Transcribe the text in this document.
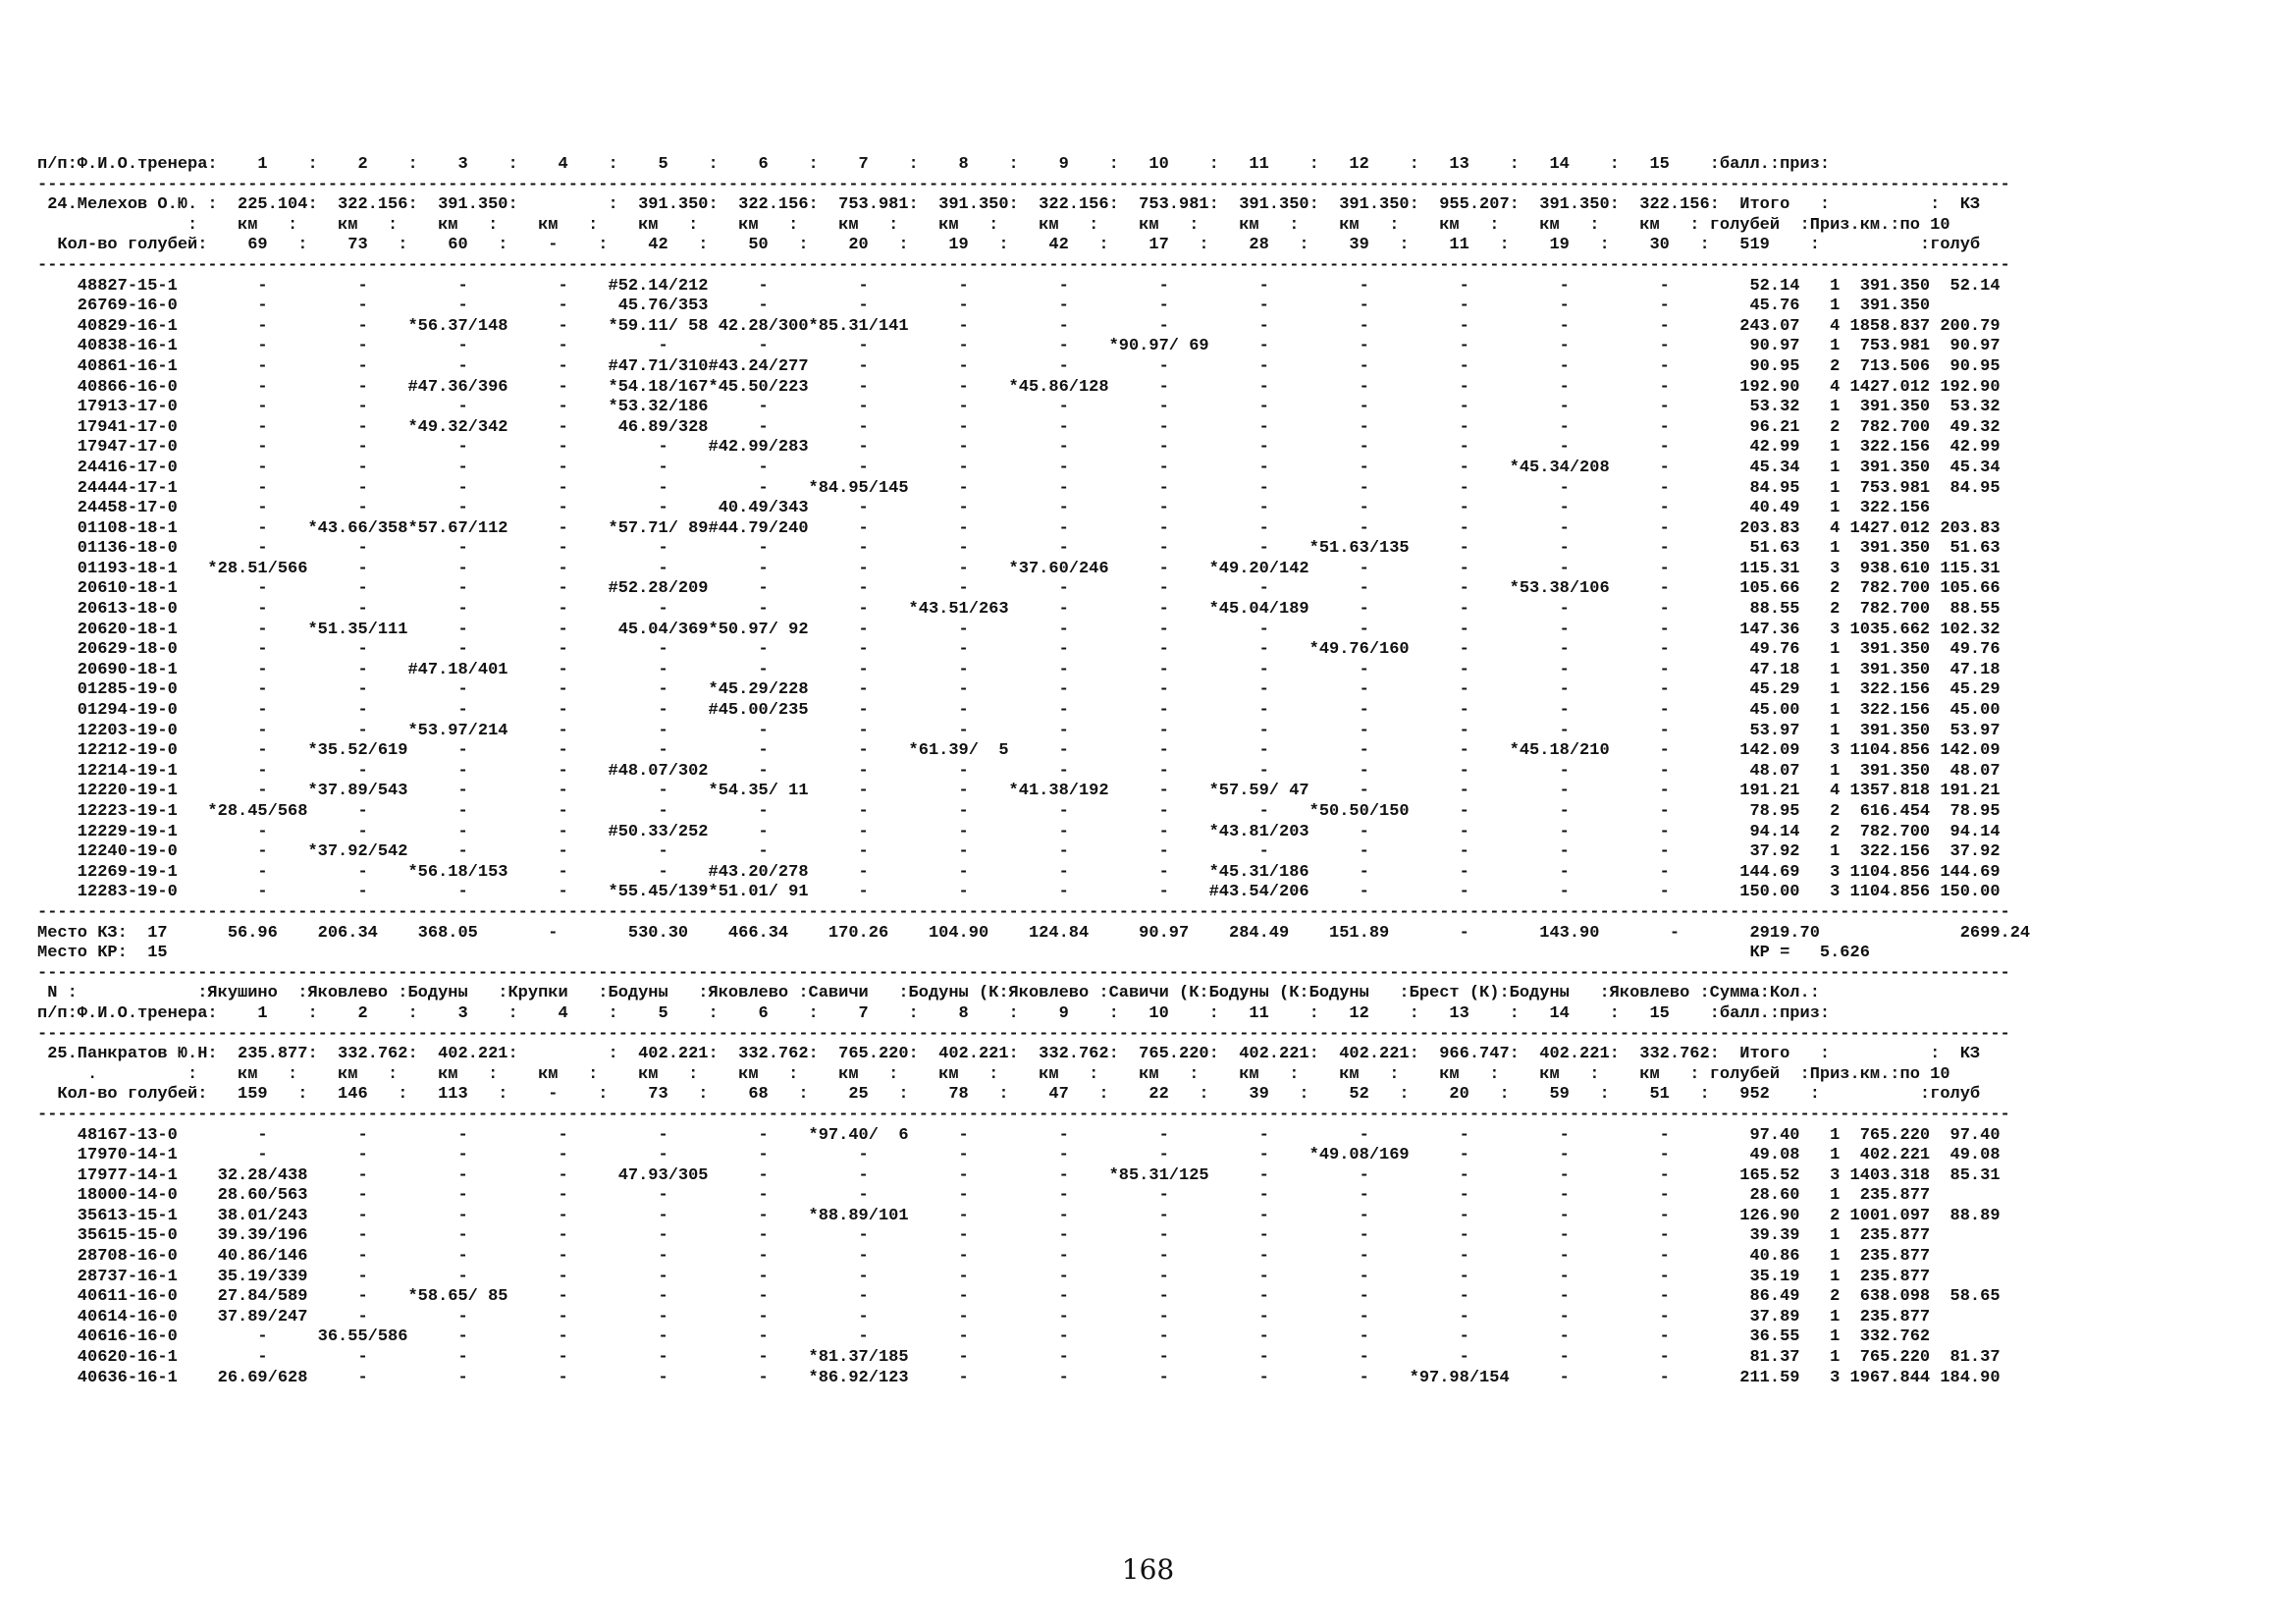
п/п:Ф.И.О.тренера:    1    :    2    :    3    :    4    :    5    :    6    :    7    :    8    :    9    :   10    :   11    :   12    :   13    :   14    :   15    :балл.:приз:
-----------------------------------------------------------------------------------------------------------------------------------------------------------------------------------------------------
24.Мелехов О.Ю. :  225.104:  322.156:  391.350:         :  391.350:  322.156:  753.981:  391.350:  322.156:  753.981:  391.350:  391.350:  955.207:  391.350:  322.156:  Итого   :          :  КЗ
:    км   :    км   :    км   :    км   :    км   :    км   :    км   :    км   :    км   :    км   :    км   :    км   :    км   :    км   :    км   : голубей  :Приз.км.:по 10
Кол-во голубей:    69   :    73   :    60   :    -    :    42   :    50   :    20   :    19   :    42   :    17   :    28   :    39   :    11   :    19   :    30   :   519    :          :голуб
-----------------------------------------------------------------------------------------------------------------------------------------------------------------------------------------------------
48827-15-1        -         -         -         -    #52.14/212     -         -         -         -         -         -         -         -         -         -        52.14   1  391.350  52.14
26769-16-0        -         -         -         -     45.76/353     -         -         -         -         -         -         -         -         -         -        45.76   1  391.350
40829-16-1        -         -    *56.37/148     -    *59.11/ 58 42.28/300*85.31/141     -         -         -         -         -         -         -         -       243.07   4 1858.837 200.79
40838-16-1        -         -         -         -         -         -         -         -         -    *90.97/ 69     -         -         -         -         -        90.97   1  753.981  90.97
40861-16-1        -         -         -         -    #47.71/310#43.24/277     -         -         -         -         -         -         -         -         -        90.95   2  713.506  90.95
40866-16-0        -         -    #47.36/396     -    *54.18/167*45.50/223     -         -    *45.86/128     -         -         -         -         -         -       192.90   4 1427.012 192.90
17913-17-0        -         -         -         -    *53.32/186     -         -         -         -         -         -         -         -         -         -        53.32   1  391.350  53.32
17941-17-0        -         -    *49.32/342     -     46.89/328     -         -         -         -         -         -         -         -         -         -        96.21   2  782.700  49.32
17947-17-0        -         -         -         -         -    #42.99/283     -         -         -         -         -         -         -         -         -        42.99   1  322.156  42.99
24416-17-0        -         -         -         -         -         -         -         -         -         -         -         -         -    *45.34/208     -        45.34   1  391.350  45.34
24444-17-1        -         -         -         -         -         -    *84.95/145     -         -         -         -         -         -         -         -        84.95   1  753.981  84.95
24458-17-0        -         -         -         -         -     40.49/343     -         -         -         -         -         -         -         -         -        40.49   1  322.156
01108-18-1        -    *43.66/358*57.67/112     -    *57.71/ 89#44.79/240     -         -         -         -         -         -         -         -         -       203.83   4 1427.012 203.83
01136-18-0        -         -         -         -         -         -         -         -         -         -         -    *51.63/135     -         -         -        51.63   1  391.350  51.63
01193-18-1   *28.51/566     -         -         -         -         -         -         -    *37.60/246     -    *49.20/142     -         -         -         -       115.31   3  938.610 115.31
20610-18-1        -         -         -         -    #52.28/209     -         -         -         -         -         -         -         -    *53.38/106     -       105.66   2  782.700 105.66
20613-18-0        -         -         -         -         -         -         -    *43.51/263     -         -    *45.04/189     -         -         -         -        88.55   2  782.700  88.55
20620-18-1        -    *51.35/111     -         -     45.04/369*50.97/ 92     -         -         -         -         -         -         -         -         -       147.36   3 1035.662 102.32
20629-18-0        -         -         -         -         -         -         -         -         -         -         -    *49.76/160     -         -         -        49.76   1  391.350  49.76
20690-18-1        -         -    #47.18/401     -         -         -         -         -         -         -         -         -         -         -         -        47.18   1  391.350  47.18
01285-19-0        -         -         -         -         -    *45.29/228     -         -         -         -         -         -         -         -         -        45.29   1  322.156  45.29
01294-19-0        -         -         -         -         -    #45.00/235     -         -         -         -         -         -         -         -         -        45.00   1  322.156  45.00
12203-19-0        -         -    *53.97/214     -         -         -         -         -         -         -         -         -         -         -         -        53.97   1  391.350  53.97
12212-19-0        -    *35.52/619     -         -         -         -         -    *61.39/  5     -         -         -         -         -    *45.18/210     -       142.09   3 1104.856 142.09
12214-19-1        -         -         -         -    #48.07/302     -         -         -         -         -         -         -         -         -         -        48.07   1  391.350  48.07
12220-19-1        -    *37.89/543     -         -         -    *54.35/ 11     -         -    *41.38/192     -    *57.59/ 47     -         -         -         -       191.21   4 1357.818 191.21
12223-19-1   *28.45/568     -         -         -         -         -         -         -         -         -         -    *50.50/150     -         -         -        78.95   2  616.454  78.95
12229-19-1        -         -         -         -    #50.33/252     -         -         -         -         -    *43.81/203     -         -         -         -        94.14   2  782.700  94.14
12240-19-0        -    *37.92/542     -         -         -         -         -         -         -         -         -         -         -         -         -        37.92   1  322.156  37.92
12269-19-1        -         -    *56.18/153     -         -    #43.20/278     -         -         -         -    *45.31/186     -         -         -         -       144.69   3 1104.856 144.69
12283-19-0        -         -         -         -    *55.45/139*51.01/ 91     -         -         -         -    #43.54/206     -         -         -         -       150.00   3 1104.856 150.00
-----------------------------------------------------------------------------------------------------------------------------------------------------------------------------------------------------
Место КЗ:  17      56.96    206.34    368.05       -       530.30    466.34    170.26    104.90    124.84     90.97    284.49    151.89       -       143.90       -       2919.70              2699.24
Место КР:  15                                                                                                                                                              КР =   5.626
-----------------------------------------------------------------------------------------------------------------------------------------------------------------------------------------------------
N :            :Якушино  :Яковлево :Бодуны   :Крупки   :Бодуны   :Яковлево :Савичи   :Бодуны (К:Яковлево :Савичи (К:Бодуны (К:Бодуны   :Брест (К):Бодуны   :Яковлево :Сумма:Кол.:
п/п:Ф.И.О.тренера:    1    :    2    :    3    :    4    :    5    :    6    :    7    :    8    :    9    :   10    :   11    :   12    :   13    :   14    :   15    :балл.:приз:
-----------------------------------------------------------------------------------------------------------------------------------------------------------------------------------------------------
25.Панкратов Ю.Н:  235.877:  332.762:  402.221:         :  402.221:  332.762:  765.220:  402.221:  332.762:  765.220:  402.221:  402.221:  966.747:  402.221:  332.762:  Итого   :          :  КЗ
.         :    км   :    км   :    км   :    км   :    км   :    км   :    км   :    км   :    км   :    км   :    км   :    км   :    км   :    км   :    км   : голубей  :Приз.км.:по 10
Кол-во голубей:   159   :   146   :   113   :    -    :    73   :    68   :    25   :    78   :    47   :    22   :    39   :    52   :    20   :    59   :    51   :   952    :          :голуб
-----------------------------------------------------------------------------------------------------------------------------------------------------------------------------------------------------
48167-13-0        -         -         -         -         -         -    *97.40/  6     -         -         -         -         -         -         -         -        97.40   1  765.220  97.40
17970-14-1        -         -         -         -         -         -         -         -         -         -         -    *49.08/169     -         -         -        49.08   1  402.221  49.08
17977-14-1    32.28/438     -         -         -     47.93/305     -         -         -         -    *85.31/125     -         -         -         -         -       165.52   3 1403.318  85.31
18000-14-0    28.60/563     -         -         -         -         -         -         -         -         -         -         -         -         -         -        28.60   1  235.877
35613-15-1    38.01/243     -         -         -         -         -    *88.89/101     -         -         -         -         -         -         -         -       126.90   2 1001.097  88.89
35615-15-0    39.39/196     -         -         -         -         -         -         -         -         -         -         -         -         -         -        39.39   1  235.877
28708-16-0    40.86/146     -         -         -         -         -         -         -         -         -         -         -         -         -         -        40.86   1  235.877
28737-16-1    35.19/339     -         -         -         -         -         -         -         -         -         -         -         -         -         -        35.19   1  235.877
40611-16-0    27.84/589     -    *58.65/ 85     -         -         -         -         -         -         -         -         -         -         -         -        86.49   2  638.098  58.65
40614-16-0    37.89/247     -         -         -         -         -         -         -         -         -         -         -         -         -         -        37.89   1  235.877
40616-16-0        -     36.55/586     -         -         -         -         -         -         -         -         -         -         -         -         -        36.55   1  332.762
40620-16-1        -         -         -         -         -         -    *81.37/185     -         -         -         -         -         -         -         -        81.37   1  765.220  81.37
40636-16-1    26.69/628     -         -         -         -         -    *86.92/123     -         -         -         -         -    *97.98/154     -         -       211.59   3 1967.844 184.90
168
